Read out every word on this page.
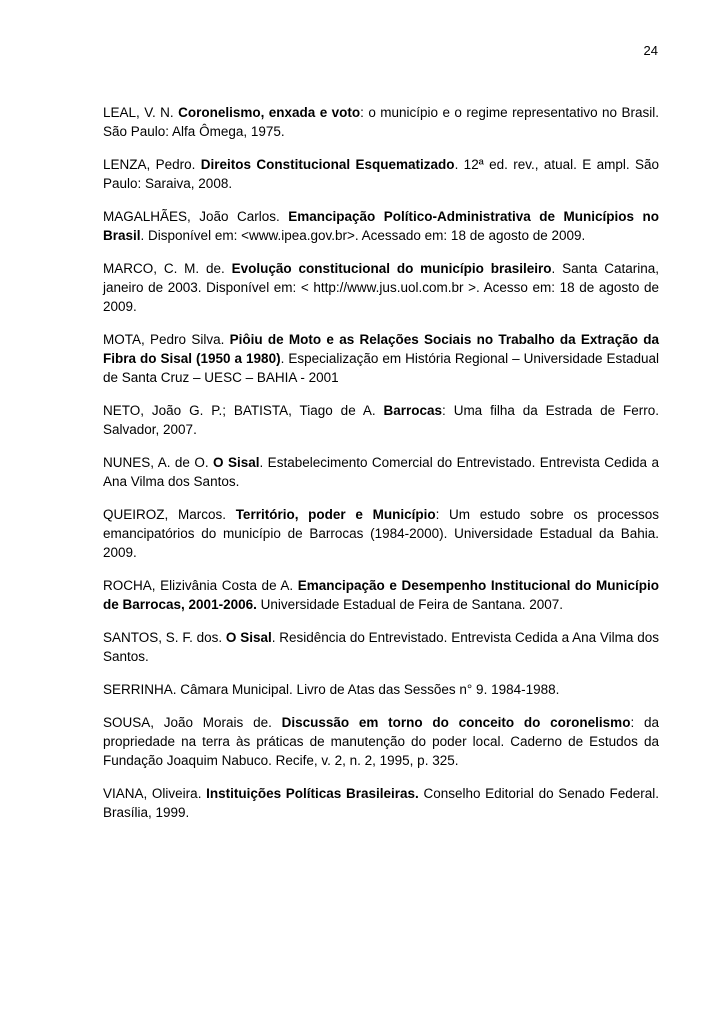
24

LEAL, V. N. Coronelismo, enxada e voto: o município e o regime representativo no Brasil. São Paulo: Alfa Ômega, 1975.

LENZA, Pedro. Direitos Constitucional Esquematizado. 12ª ed. rev., atual. E ampl. São Paulo: Saraiva, 2008.

MAGALHÃES, João Carlos. Emancipação Político-Administrativa de Municípios no Brasil. Disponível em: <www.ipea.gov.br>. Acessado em: 18 de agosto de 2009.

MARCO, C. M. de. Evolução constitucional do município brasileiro. Santa Catarina, janeiro de 2003. Disponível em: < http://www.jus.uol.com.br >. Acesso em: 18 de agosto de 2009.

MOTA, Pedro Silva. Piôiu de Moto e as Relações Sociais no Trabalho da Extração da Fibra do Sisal (1950 a 1980). Especialização em História Regional – Universidade Estadual de Santa Cruz – UESC – BAHIA - 2001

NETO, João G. P.; BATISTA, Tiago de A. Barrocas: Uma filha da Estrada de Ferro. Salvador, 2007.

NUNES, A. de O. O Sisal. Estabelecimento Comercial do Entrevistado. Entrevista Cedida a Ana Vilma dos Santos.

QUEIROZ, Marcos. Território, poder e Município: Um estudo sobre os processos emancipatórios do município de Barrocas (1984-2000). Universidade Estadual da Bahia. 2009.

ROCHA, Elizivânia Costa de A. Emancipação e Desempenho Institucional do Município de Barrocas, 2001-2006. Universidade Estadual de Feira de Santana. 2007.

SANTOS, S. F. dos. O Sisal. Residência do Entrevistado. Entrevista Cedida a Ana Vilma dos Santos.

SERRINHA. Câmara Municipal. Livro de Atas das Sessões n° 9. 1984-1988.

SOUSA, João Morais de. Discussão em torno do conceito do coronelismo: da propriedade na terra às práticas de manutenção do poder local. Caderno de Estudos da Fundação Joaquim Nabuco. Recife, v. 2, n. 2, 1995, p. 325.

VIANA, Oliveira. Instituições Políticas Brasileiras. Conselho Editorial do Senado Federal. Brasília, 1999.
